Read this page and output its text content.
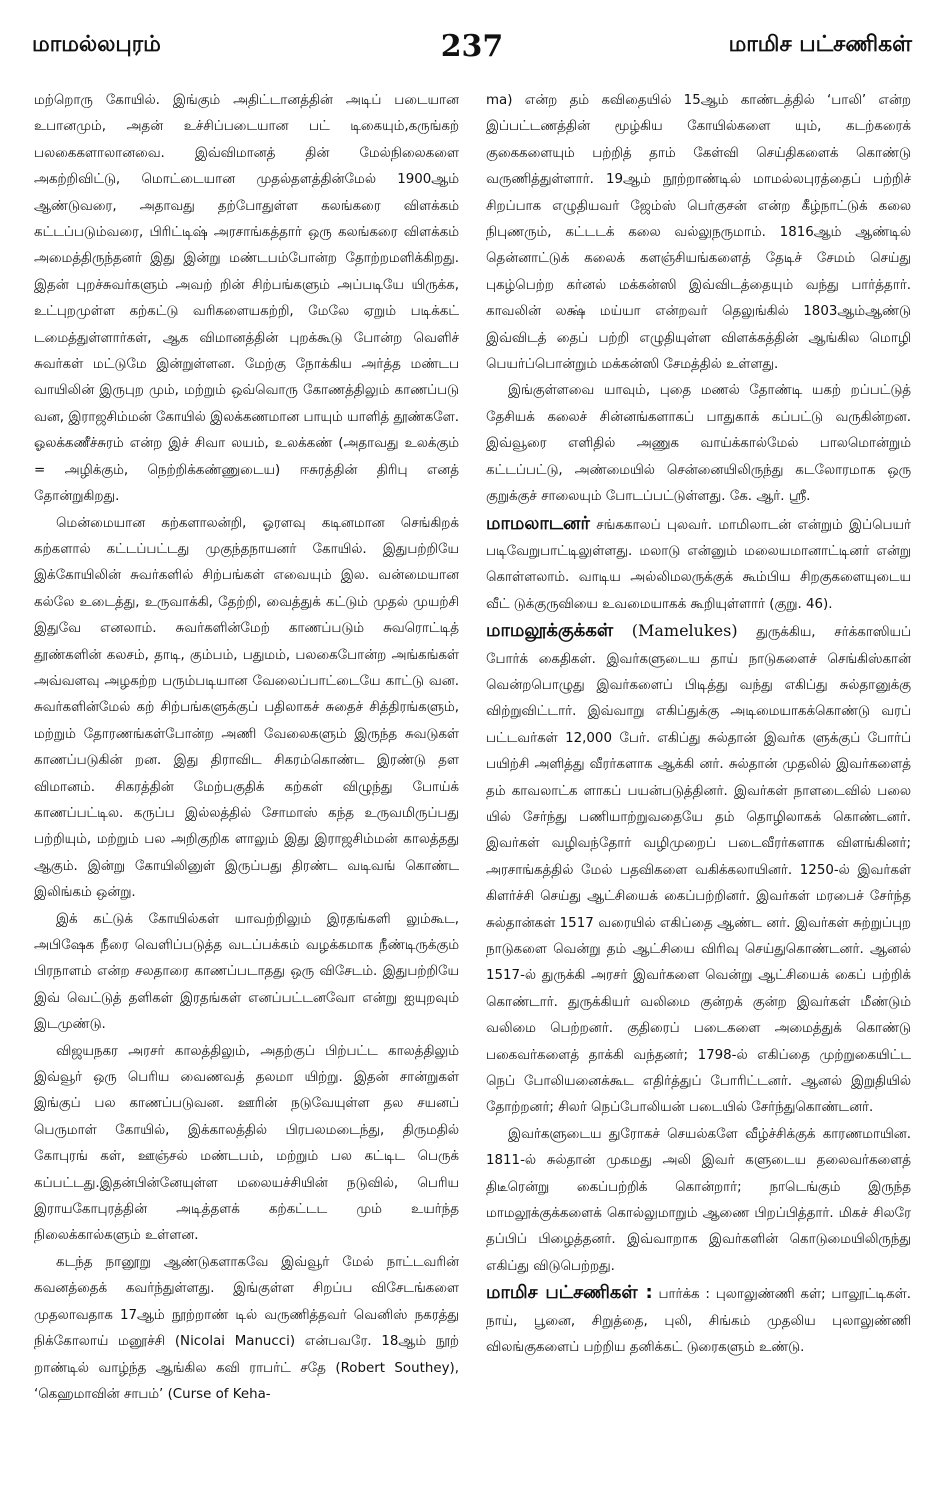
மாமல்லபுரம்	237	மாமிச பட்சணிகள்

மற்றொரு கோயில். இங்கும் அதிட்டானத்தின் அடிப் படையான உபானமும், அதன் உச்சிப்படையான பட் டிகையும்,கருங்கற் பலகைகளாலானவை. இவ்விமானத் தின் மேல்நிலைகளை அகற்றிவிட்டு, மொட்டையான முதல்தளத்தின்மேல் 1900ஆம் ஆண்டுவரை, அதாவது தற்போதுள்ள கலங்கரை விளக்கம் கட்டப்படும்வரை, பிரிட்டிஷ் அரசாங்கத்தார் ஒரு கலங்கரை விளக்கம் அமைத்திருந்தனர் இது இன்று மண்டபம்போன்ற தோற்றமளிக்கிறது. இதன் புறச்சுவர்களும் அவற் றின் சிற்பங்களும் அப்படியே யிருக்க, உட்புறமுள்ள கற்கட்டு வரிகளையகற்றி, மேலே ஏறும் படிக்கட் டமைத்துள்ளார்கள், ஆக விமானத்தின் புறக்கூடு போன்ற வெளிச் சுவர்கள் மட்டுமே இன்றுள்ளன. மேற்கு நோக்கிய அர்த்த மண்டப வாயிலின் இருபுற மும், மற்றும் ஒவ்வொரு கோணத்திலும் காணப்படு வன, இராஜசிம்மன் கோயில் இலக்கணமான பாயும் யாளித் தூண்களே. ஓலக்கணீச்சுரம் என்ற இச் சிவா லயம், உலக்கண் (அதாவது உலக்கும் = அழிக்கும், நெற்றிக்கண்ணுடைய) ஈசுரத்தின் திரிபு எனத் தோன்றுகிறது.

மென்மையான கற்களாலன்றி, ஓரளவு கடினமான செங்கிறக் கற்களால் கட்டப்பட்டது முகுந்தநாயனர் கோயில். இதுபற்றியே இக்கோயிலின் சுவர்களில் சிற்பங்கள் எவையும் இல. வன்மையான கல்லே உடைத்து, உருவாக்கி, தேற்றி, வைத்துக் கட்டும் முதல் முயற்சி இதுவே எனலாம். சுவர்களின்மேற் காணப்படும் சுவரொட்டித் தூண்களின் கலசம், தாடி, கும்பம், பதுமம், பலகைபோன்ற அங்கங்கள் அவ்வளவு அழகற்ற பரும்படியான வேலைப்பாட்டையே காட்டு வன. சுவர்களின்மேல் கற் சிற்பங்களுக்குப் பதிலாகச் சுதைச் சித்திரங்களும், மற்றும் தோரணங்கள்போன்ற அணி வேலைகளும் இருந்த சுவடுகள் காணப்படுகின் றன. இது திராவிட சிகரம்கொண்ட இரண்டு தள விமானம். சிகரத்தின் மேற்பகுதிக் கற்கள் விழுந்து போய்க் காணப்பட்டில. கருப்ப இல்லத்தில் சோமாஸ் கந்த உருவமிருப்பது பற்றியும், மற்றும் பல அறிகுறிக ளாலும் இது இராஜசிம்மன் காலத்தது ஆகும். இன்று கோயிலினுள் இருப்பது திரண்ட வடிவங் கொண்ட இலிங்கம் ஒன்று.

இக் கட்டுக் கோயில்கள் யாவற்றிலும் இரதங்களி லும்கூட, அபிஷேக நீரை வெளிப்படுத்த வடப்பக்கம் வழக்கமாக நீண்டிருக்கும் பிரநாளம் என்ற சலதாரை காணப்படாதது ஒரு விசேடம். இதுபற்றியே இவ் வெட்டுத் தளிகள் இரதங்கள் எனப்பட்டனவோ என்று ஐயுறவும் இடமுண்டு.

விஜயநகர அரசர் காலத்திலும், அதற்குப் பிற்பட்ட காலத்திலும் இவ்வூர் ஒரு பெரிய வைணவத் தலமா யிற்று. இதன் சான்றுகள் இங்குப் பல காணப்படுவன. ஊரின் நடுவேயுள்ள தல சயனப் பெருமாள் கோயில், இக்காலத்தில் பிரபலமடைந்து, திருமதில் கோபுரங் கள், ஊஞ்சல் மண்டபம், மற்றும் பல கட்டிட பெருக் கப்பட்டது.இதன்பின்னேயுள்ள மலையச்சியின் நடுவில், பெரிய இராயகோபுரத்தின் அடித்தளக் கற்கட்டட மும் உயர்ந்த நிலைக்கால்களும் உள்ளன.

கடந்த நானூறு ஆண்டுகளாகவே இவ்வூர் மேல் நாட்டவரின் கவனத்தைக் கவர்ந்துள்ளது. இங்குள்ள சிறப்ப விசேடங்களை முதலாவதாக 17ஆம் நூற்றாண் டில் வருணித்தவர் வெனிஸ் நகரத்து நிக்கோலாய் மனூச்சி (Nicolai Manucci) என்பவரே. 18ஆம் நூற் றாண்டில் வாழ்ந்த ஆங்கில கவி ராபர்ட் சதே (Robert Southey), ‘கெஹமாவின் சாபம்’ (Curse of Keha-

ma) என்ற தம் கவிதையில் 15ஆம் காண்டத்தில் ‘பாலி’ என்ற இப்பட்டணத்தின் மூழ்கிய கோயில்களை யும், கடற்கரைக் குகைகளையும் பற்றித் தாம் கேள்வி செய்திகளைக் கொண்டு வருணித்துள்ளார். 19ஆம் நூற்றாண்டில் மாமல்லபுரத்தைப் பற்றிச் சிறப்பாக எழுதியவர் ஜேம்ஸ் பெர்குசன் என்ற கீழ்நாட்டுக் கலை நிபுணரும், கட்டடக் கலை வல்லுநருமாம். 1816ஆம் ஆண்டில் தென்னாட்டுக் கலைக் களஞ்சியங்களைத் தேடிச் சேமம் செய்து புகழ்பெற்ற கர்னல் மக்கன்ஸி இவ்விடத்தையும் வந்து பார்த்தார். காவலின் லக்ஷ் மய்யா என்றவர் தெலுங்கில் 1803ஆம்ஆண்டு இவ்விடத் தைப் பற்றி எழுதியுள்ள விளக்கத்தின் ஆங்கில மொழி பெயர்ப்பொன்றும் மக்கன்ஸி சேமத்தில் உள்ளது.

இங்குள்ளவை யாவும், புதை மணல் தோண்டி யகற் றப்பட்டுத் தேசியக் கலைச் சின்னங்களாகப் பாதுகாக் கப்பட்டு வருகின்றன. இவ்வூரை எளிதில் அணுக வாய்க்கால்மேல் பாலமொன்றும் கட்டப்பட்டு, அண்மையில் சென்னையிலிருந்து கடலோரமாக ஒரு குறுக்குச் சாலையும் போடப்பட்டுள்ளது. கே. ஆர். ஸ்ரீ.

மாமலாடனர் சங்ககாலப் புலவர். மாமிலாடன் என்றும் இப்பெயர் படிவேறுபாட்டிலுள்ளது. மலாடு என்னும் மலையமானாட்டினர் என்று கொள்ளலாம். வாடிய அல்லிமலருக்குக் கூம்பிய சிறகுகளையுடைய வீட் டுக்குருவியை உவமையாகக் கூறியுள்ளார் (குறு. 46).

மாமலூக்குக்கள் (Mamelukes) துருக்கிய, சர்க்காஸியப் போர்க் கைதிகள். இவர்களுடைய தாய் நாடுகளைச் செங்கிஸ்கான் வென்றபொழுது இவர்களைப் பிடித்து வந்து எகிப்து சுல்தானுக்கு விற்றுவிட்டார். இவ்வாறு எகிப்துக்கு அடிமையாகக்கொண்டு வரப் பட்டவர்கள் 12,000 பேர். எகிப்து சுல்தான் இவர்க ளுக்குப் போர்ப் பயிற்சி அளித்து வீரர்களாக ஆக்கி னர். சுல்தான் முதலில் இவர்களைத் தம் காவலாட்க ளாகப் பயன்படுத்தினர். இவர்கள் நாளடைவில் பலை யில் சேர்ந்து பணியாற்றுவதையே தம் தொழிலாகக் கொண்டனர். இவர்கள் வழிவந்தோர் வழிமுறைப் படைவீரர்களாக விளங்கினர்; அரசாங்கத்தில் மேல் பதவிகளை வகிக்கலாயினர். 1250-ல் இவர்கள் கிளர்ச்சி செய்து ஆட்சியைக் கைப்பற்றினர். இவர்கள் மரபைச் சேர்ந்த சுல்தான்கள் 1517 வரையில் எகிப்தை ஆண்ட னர். இவர்கள் சுற்றுப்புற நாடுகளை வென்று தம் ஆட்சியை விரிவு செய்துகொண்டனர். ஆனல் 1517-ல் துருக்கி அரசர் இவர்களை வென்று ஆட்சியைக் கைப் பற்றிக் கொண்டார். துருக்கியர் வலிமை குன்றக் குன்ற இவர்கள் மீண்டும் வலிமை பெற்றனர். குதிரைப் படைகளை அமைத்துக் கொண்டு பகைவர்களைத் தாக்கி வந்தனர்; 1798-ல் எகிப்தை முற்றுகையிட்ட நெப் போலியனைக்கூட எதிர்த்துப் போரிட்டனர். ஆனல் இறுதியில் தோற்றனர்; சிலர் நெப்போலியன் படையில் சேர்ந்துகொண்டனர்.

இவர்களுடைய துரோகச் செயல்களே வீழ்ச்சிக்குக் காரணமாயின. 1811-ல் சுல்தான் முகமது அலி இவர் களுடைய தலைவர்களைத் திடீரென்று கைப்பற்றிக் கொன்றார்; நாடெங்கும் இருந்த மாமலூக்குக்களைக் கொல்லுமாறும் ஆணை பிறப்பித்தார். மிகச் சிலரே தப்பிப் பிழைத்தனர். இவ்வாறாக இவர்களின் கொடுமையிலிருந்து எகிப்து விடுபெற்றது.

மாமிச பட்சணிகள் : பார்க்க : புலாலுண்ணி கள்; பாலூட்டிகள். நாய், பூனை, சிறுத்தை, புலி, சிங்கம் முதலிய புலாலுண்ணி விலங்குகளைப் பற்றிய தனிக்கட் டுரைகளும் உண்டு.
